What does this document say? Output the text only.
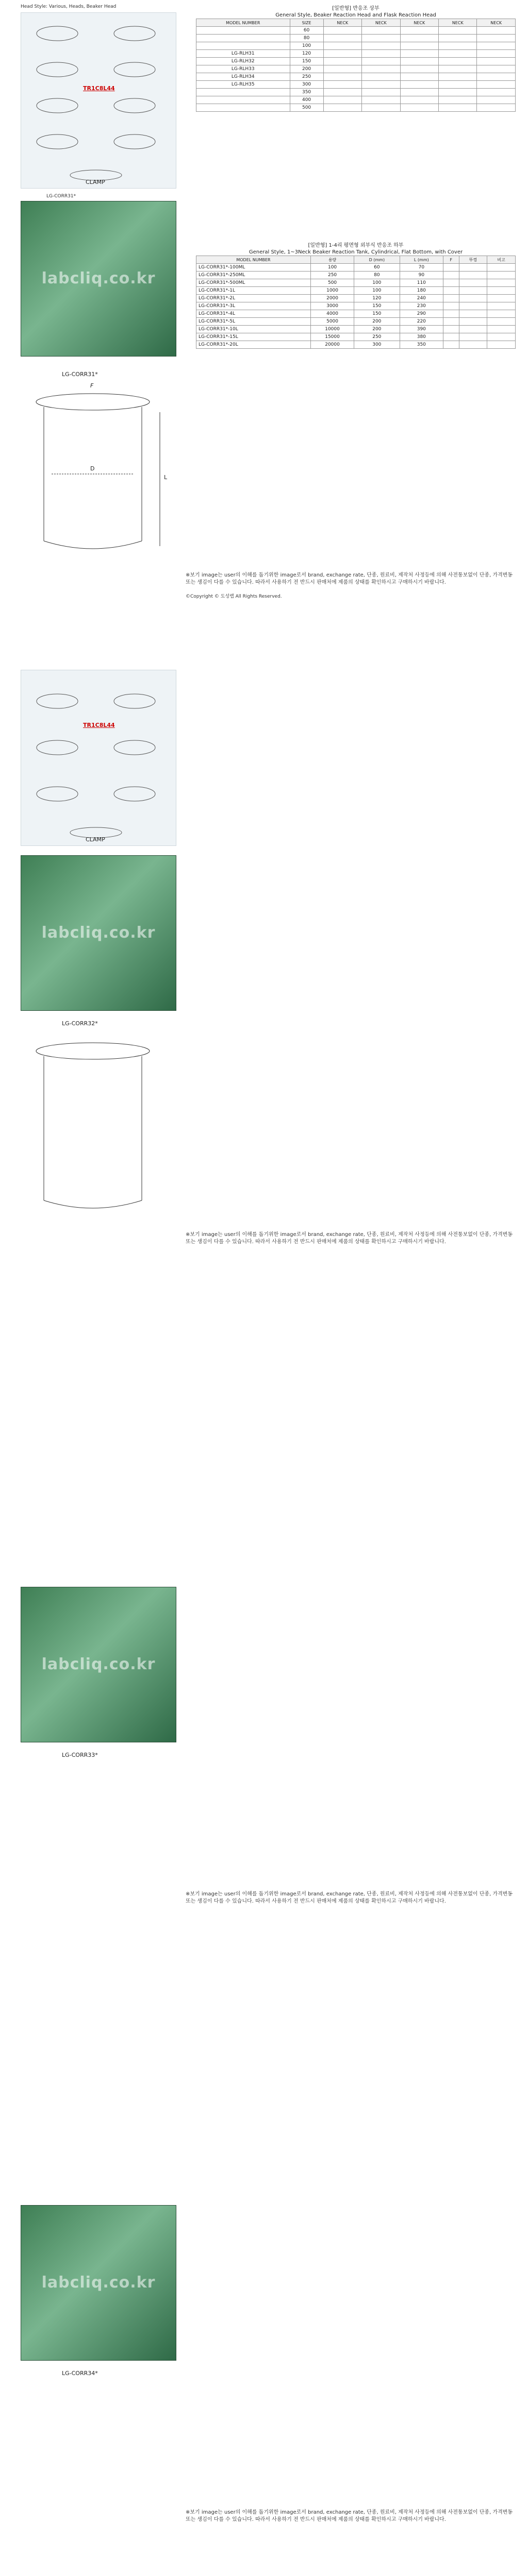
Head Style: Various, Heads, Beaker Head
TR1C8L44
CLAMP
[일반형] 반응조 상부
General Style, Beaker Reaction Head and Flask Reaction Head
MODEL NUMBER	SIZE	NECK	NECK	NECK	NECK	NECK
	60					
	80					
	100					
LG-RLH31	120					
LG-RLH32	150					
LG-RLH33	200					
LG-RLH34	250					
LG-RLH35	300					
	350					
	400					
	500					
labcliq.co.kr
LG-CORR31*
LG-CORR31*
F
D
L
[일반형] 1-4리 평면형 외부식 반응조 하부
General Style, 1~3Neck Beaker Reaction Tank, Cylindrical, Flat Bottom, with Cover
MODEL NUMBER	용량	D (mm)	L (mm)	F	뚜껑	비고
LG-CORR31*-100ML	100	60	70			
LG-CORR31*-250ML	250	80	90			
LG-CORR31*-500ML	500	100	110			
LG-CORR31*-1L	1000	100	180			
LG-CORR31*-2L	2000	120	240			
LG-CORR31*-3L	3000	150	230			
LG-CORR31*-4L	4000	150	290			
LG-CORR31*-5L	5000	200	220			
LG-CORR31*-10L	10000	200	390			
LG-CORR31*-15L	15000	250	380			
LG-CORR31*-20L	20000	300	350			
※보기 image는 user의 이해를 돕기위한 image로서 brand, exchange rate, 단종, 원료비, 제작처 사정등에 의해 사전통보없이 단종, 가격변동 또는 생김이 다를 수 있습니다. 따라서 사용하기 전 반드시 판매처에 제품의 상태를 확인하시고 구매하시기 바랍니다.
©Copyright © 도성랩 All Rights Reserved.
TR1C8L44
CLAMP
labcliq.co.kr
LG-CORR32*
※보기 image는 user의 이해를 돕기위한 image로서 brand, exchange rate, 단종, 원료비, 제작처 사정등에 의해 사전통보없이 단종, 가격변동 또는 생김이 다를 수 있습니다. 따라서 사용하기 전 반드시 판매처에 제품의 상태를 확인하시고 구매하시기 바랍니다.
labcliq.co.kr
LG-CORR33*
※보기 image는 user의 이해를 돕기위한 image로서 brand, exchange rate, 단종, 원료비, 제작처 사정등에 의해 사전통보없이 단종, 가격변동 또는 생김이 다를 수 있습니다. 따라서 사용하기 전 반드시 판매처에 제품의 상태를 확인하시고 구매하시기 바랍니다.
labcliq.co.kr
LG-CORR34*
※보기 image는 user의 이해를 돕기위한 image로서 brand, exchange rate, 단종, 원료비, 제작처 사정등에 의해 사전통보없이 단종, 가격변동 또는 생김이 다를 수 있습니다. 따라서 사용하기 전 반드시 판매처에 제품의 상태를 확인하시고 구매하시기 바랍니다.
